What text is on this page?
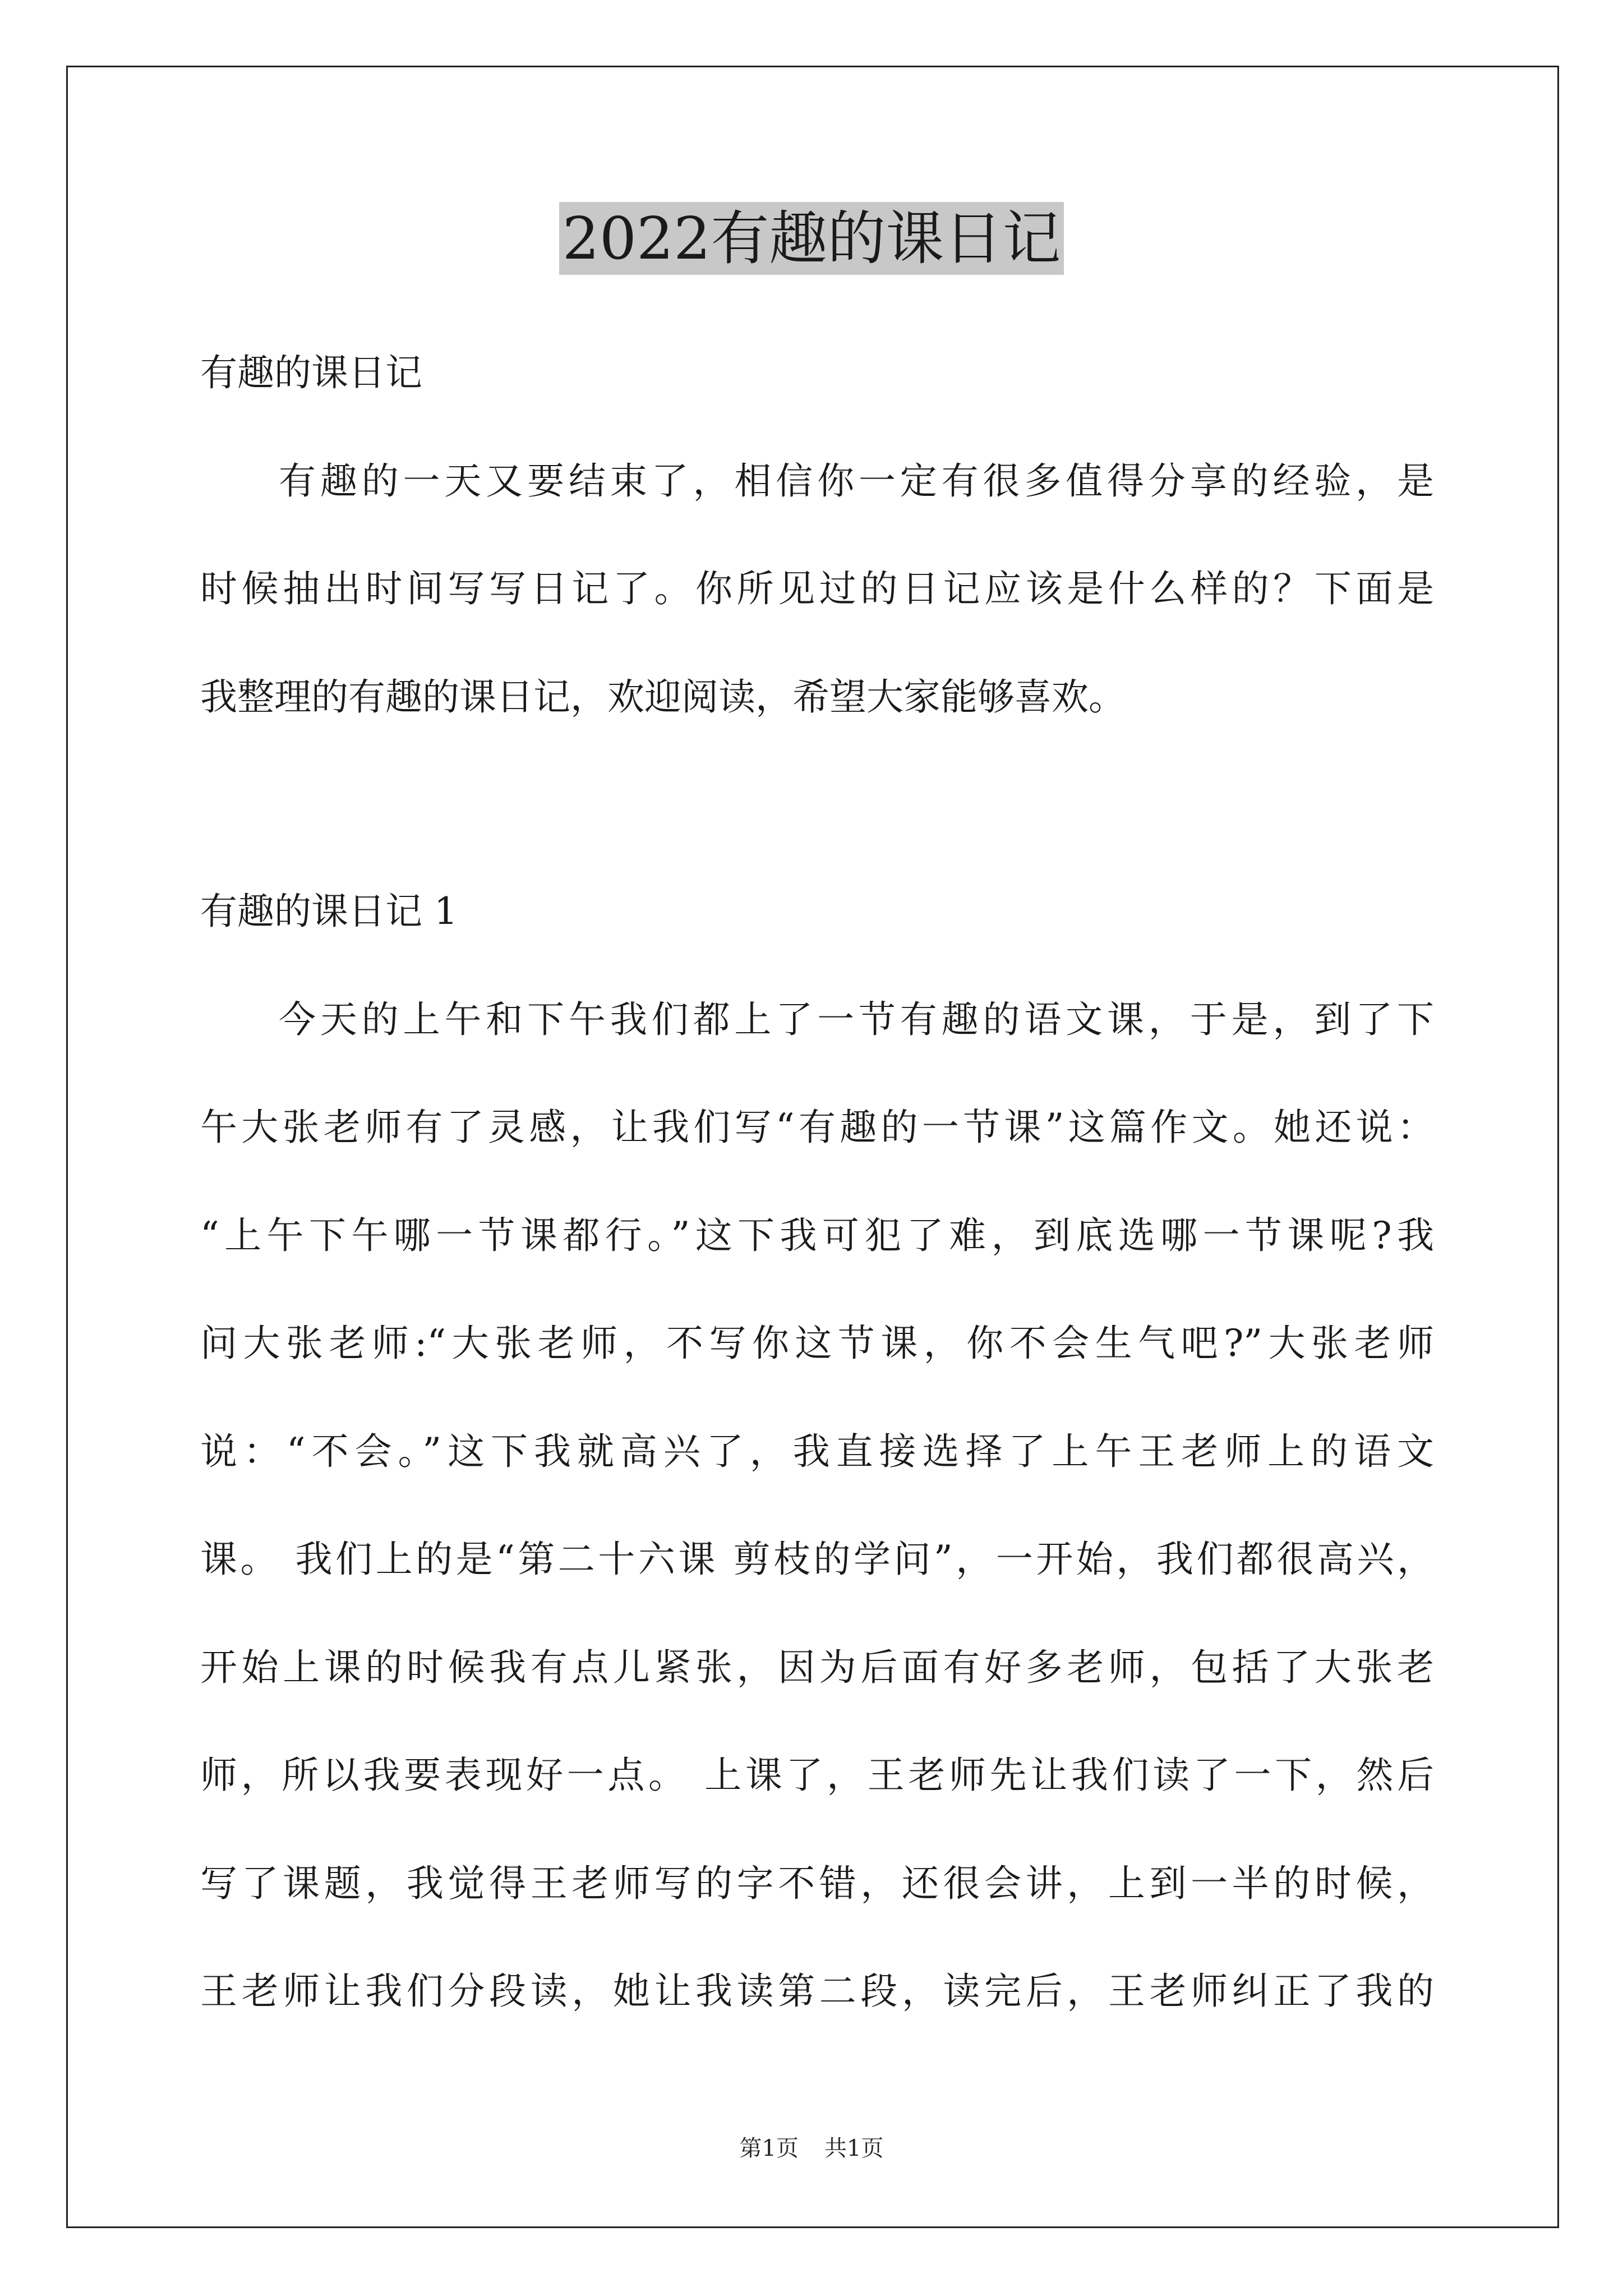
2022有趣的课日记
有趣的课日记
有趣的一天又要结束了，相信你一定有很多值得分享的经验，是
时候抽出时间写写日记了。你所见过的日记应该是什么样的？下面是
我整理的有趣的课日记，欢迎阅读，希望大家能够喜欢。
有趣的课日记 1
今天的上午和下午我们都上了一节有趣的语文课，于是，到了下
午大张老师有了灵感，让我们写“有趣的一节课”这篇作文。她还说：
“上午下午哪一节课都行。”这下我可犯了难，到底选哪一节课呢?我
问大张老师:“大张老师，不写你这节课，你不会生气吧?”大张老师
说：“不会。”这下我就高兴了，我直接选择了上午王老师上的语文
课。 我们上的是“第二十六课 剪枝的学问”，一开始，我们都很高兴，
开始上课的时候我有点儿紧张，因为后面有好多老师，包括了大张老
师，所以我要表现好一点。 上课了，王老师先让我们读了一下，然后
写了课题，我觉得王老师写的字不错，还很会讲，上到一半的时候，
王老师让我们分段读，她让我读第二段，读完后，王老师纠正了我的
第1页 共1页
